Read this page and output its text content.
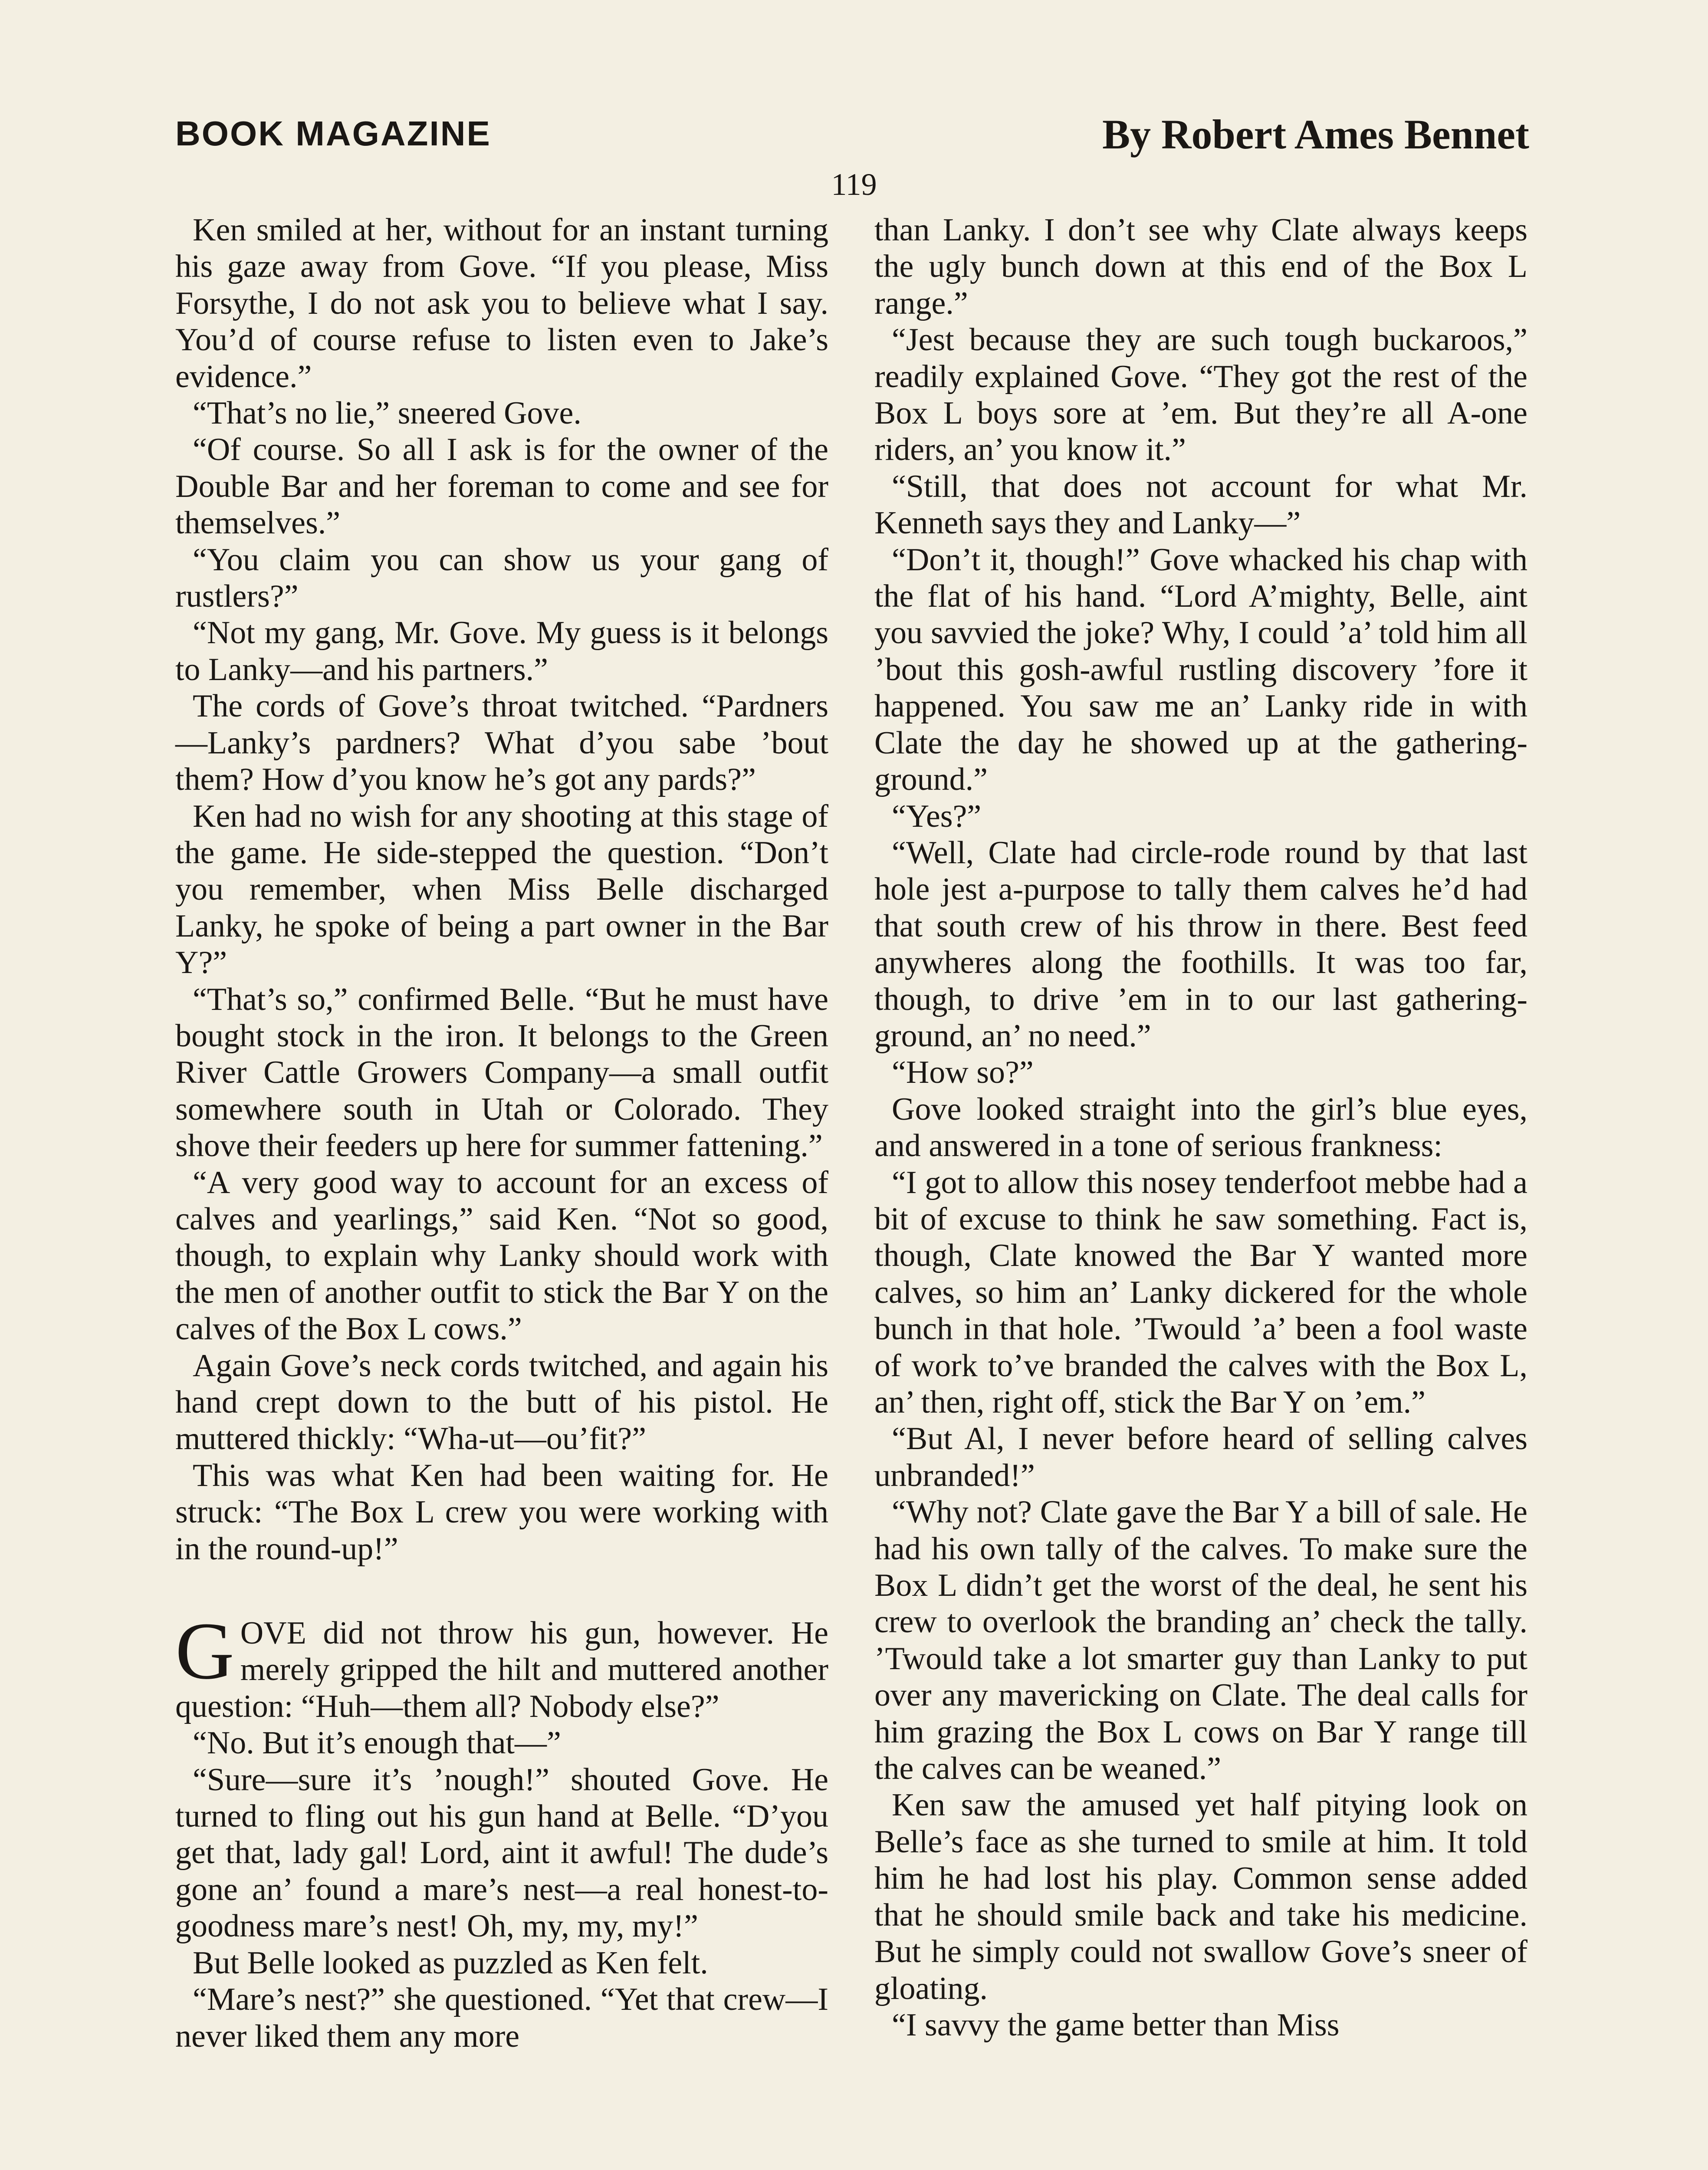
BOOK MAGAZINE	By Robert Ames Bennet
119

Ken smiled at her, without for an instant turning his gaze away from Gove. “If you please, Miss Forsythe, I do not ask you to believe what I say. You’d of course refuse to listen even to Jake’s evidence.”

“That’s no lie,” sneered Gove.

“Of course. So all I ask is for the owner of the Double Bar and her foreman to come and see for themselves.”

“You claim you can show us your gang of rustlers?”

“Not my gang, Mr. Gove. My guess is it belongs to Lanky—and his partners.”

The cords of Gove’s throat twitched. “Pardners—Lanky’s pardners? What d’you sabe ’bout them? How d’you know he’s got any pards?”

Ken had no wish for any shooting at this stage of the game. He side-stepped the question. “Don’t you remember, when Miss Belle discharged Lanky, he spoke of being a part owner in the Bar Y?”

“That’s so,” confirmed Belle. “But he must have bought stock in the iron. It belongs to the Green River Cattle Growers Company—a small outfit somewhere south in Utah or Colorado. They shove their feeders up here for summer fattening.”

“A very good way to account for an excess of calves and yearlings,” said Ken. “Not so good, though, to explain why Lanky should work with the men of another outfit to stick the Bar Y on the calves of the Box L cows.”

Again Gove’s neck cords twitched, and again his hand crept down to the butt of his pistol. He muttered thickly: “Wha-ut—ou’fit?”

This was what Ken had been waiting for. He struck: “The Box L crew you were working with in the round-up!”

GOVE did not throw his gun, however. He merely gripped the hilt and muttered another question: “Huh—them all? Nobody else?”

“No. But it’s enough that—”

“Sure—sure it’s ’nough!” shouted Gove. He turned to fling out his gun hand at Belle. “D’you get that, lady gal! Lord, aint it awful! The dude’s gone an’ found a mare’s nest—a real honest-to-goodness mare’s nest! Oh, my, my, my!”

But Belle looked as puzzled as Ken felt.

“Mare’s nest?” she questioned. “Yet that crew—I never liked them any more

than Lanky. I don’t see why Clate always keeps the ugly bunch down at this end of the Box L range.”

“Jest because they are such tough buckaroos,” readily explained Gove. “They got the rest of the Box L boys sore at ’em. But they’re all A-one riders, an’ you know it.”

“Still, that does not account for what Mr. Kenneth says they and Lanky—”

“Don’t it, though!” Gove whacked his chap with the flat of his hand. “Lord A’mighty, Belle, aint you savvied the joke? Why, I could ’a’ told him all ’bout this gosh-awful rustling discovery ’fore it happened. You saw me an’ Lanky ride in with Clate the day he showed up at the gathering-ground.”

“Yes?”

“Well, Clate had circle-rode round by that last hole jest a-purpose to tally them calves he’d had that south crew of his throw in there. Best feed anywheres along the foothills. It was too far, though, to drive ’em in to our last gathering-ground, an’ no need.”

“How so?”

Gove looked straight into the girl’s blue eyes, and answered in a tone of serious frankness:

“I got to allow this nosey tenderfoot mebbe had a bit of excuse to think he saw something. Fact is, though, Clate knowed the Bar Y wanted more calves, so him an’ Lanky dickered for the whole bunch in that hole. ’Twould ’a’ been a fool waste of work to’ve branded the calves with the Box L, an’ then, right off, stick the Bar Y on ’em.”

“But Al, I never before heard of selling calves unbranded!”

“Why not? Clate gave the Bar Y a bill of sale. He had his own tally of the calves. To make sure the Box L didn’t get the worst of the deal, he sent his crew to overlook the branding an’ check the tally. ’Twould take a lot smarter guy than Lanky to put over any mavericking on Clate. The deal calls for him grazing the Box L cows on Bar Y range till the calves can be weaned.”

Ken saw the amused yet half pitying look on Belle’s face as she turned to smile at him. It told him he had lost his play. Common sense added that he should smile back and take his medicine. But he simply could not swallow Gove’s sneer of gloating.

“I savvy the game better than Miss
